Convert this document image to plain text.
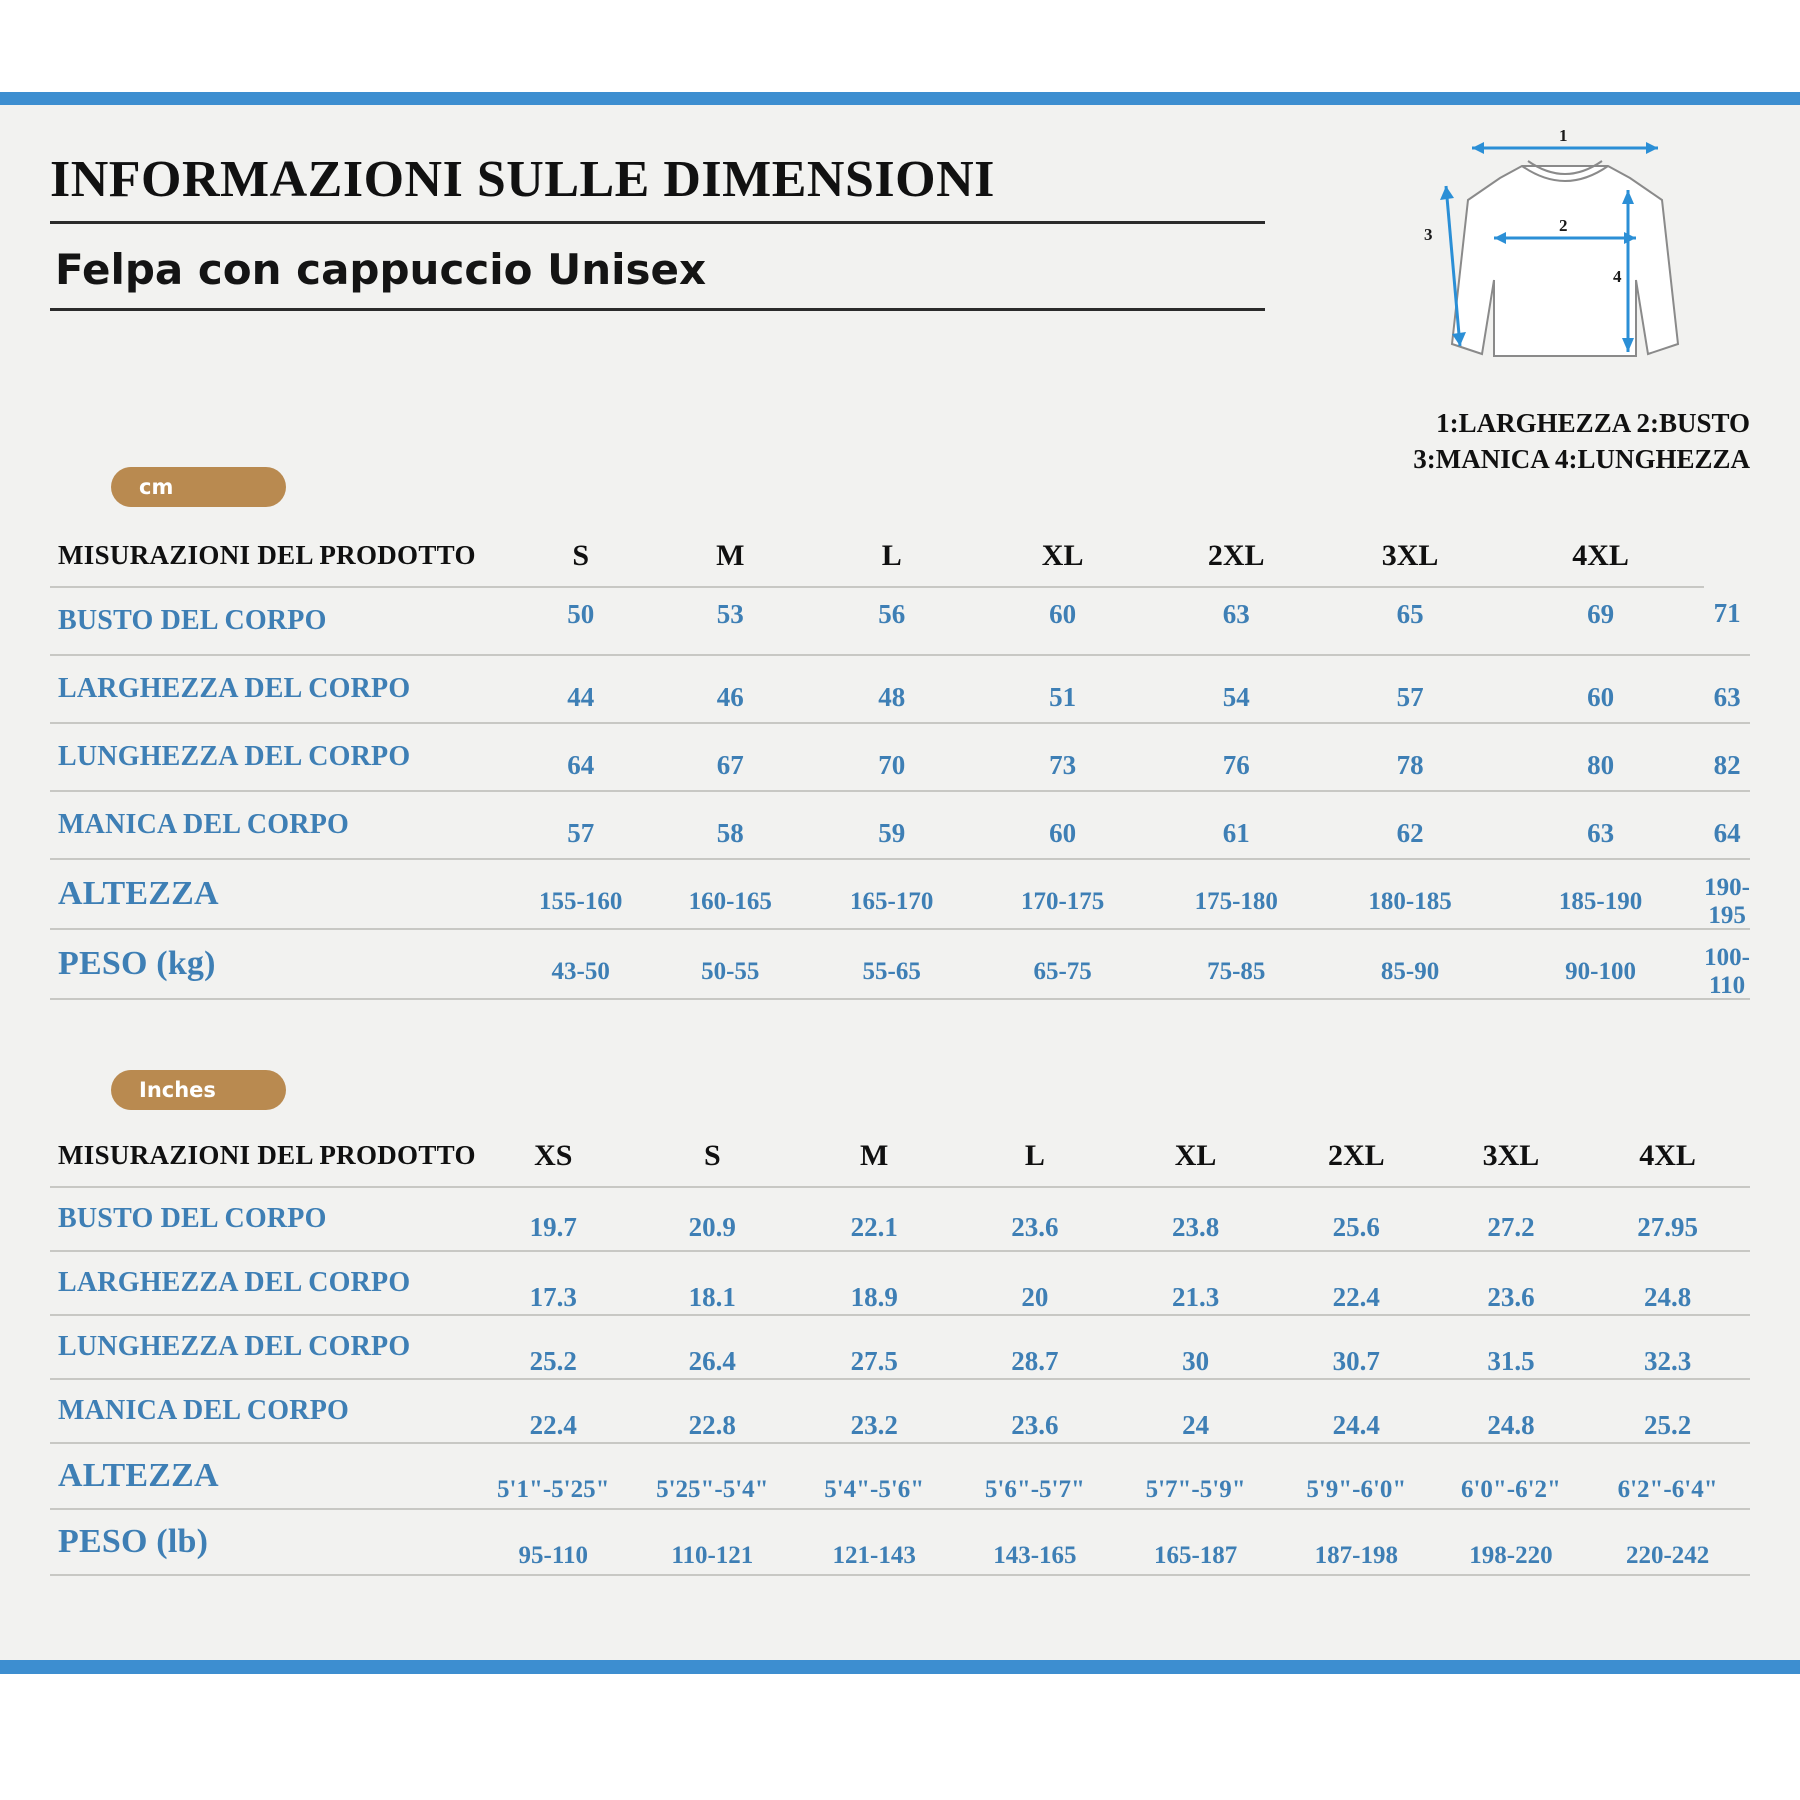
INFORMAZIONI SULLE DIMENSIONI
Felpa con cappuccio Unisex
1
2
3
4
1:LARGHEZZA 2:BUSTO
3:MANICA 4:LUNGHEZZA
cm
MISURAZIONI DEL PRODOTTO	S	M	L	XL	2XL	3XL	4XL	
BUSTO DEL CORPO	50	53	56	60	63	65	69	71
LARGHEZZA DEL CORPO	44	46	48	51	54	57	60	63
LUNGHEZZA DEL CORPO	64	67	70	73	76	78	80	82
MANICA DEL CORPO	57	58	59	60	61	62	63	64
ALTEZZA	155-160	160-165	165-170	170-175	175-180	180-185	185-190	190-195
PESO (kg)	43-50	50-55	55-65	65-75	75-85	85-90	90-100	100-110
Inches
MISURAZIONI DEL PRODOTTO	XS	S	M	L	XL	2XL	3XL	4XL
BUSTO DEL CORPO	19.7	20.9	22.1	23.6	23.8	25.6	27.2	27.95
LARGHEZZA DEL CORPO	17.3	18.1	18.9	20	21.3	22.4	23.6	24.8
LUNGHEZZA DEL CORPO	25.2	26.4	27.5	28.7	30	30.7	31.5	32.3
MANICA DEL CORPO	22.4	22.8	23.2	23.6	24	24.4	24.8	25.2
ALTEZZA	5'1"-5'25"	5'25"-5'4"	5'4"-5'6"	5'6"-5'7"	5'7"-5'9"	5'9"-6'0"	6'0"-6'2"	6'2"-6'4"
PESO (lb)	95-110	110-121	121-143	143-165	165-187	187-198	198-220	220-242
